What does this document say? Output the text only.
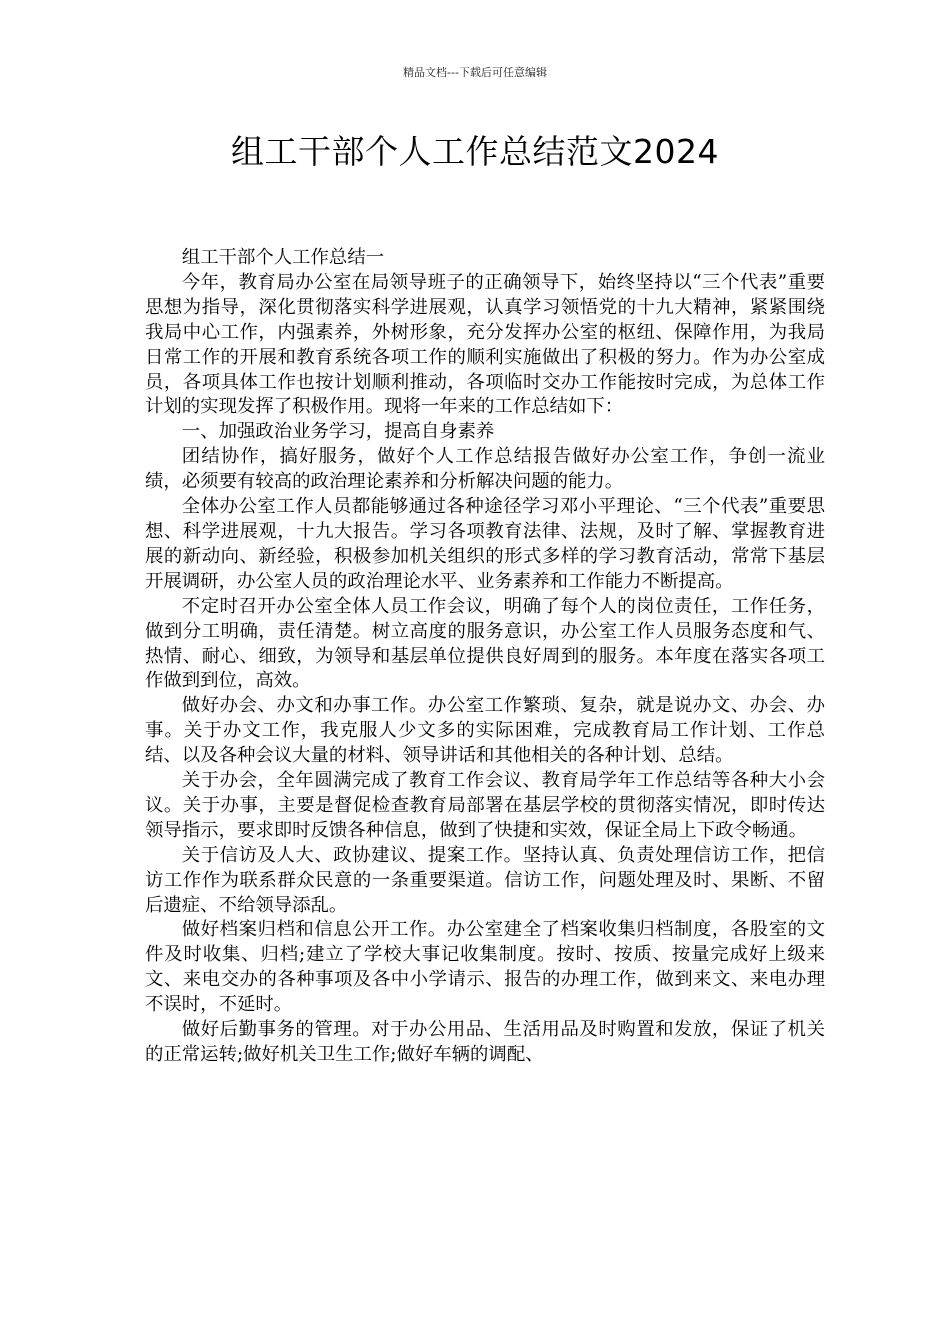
精品文档---下载后可任意编辑
组工干部个人工作总结范文2024

组工干部个人工作总结一

今年，教育局办公室在局领导班子的正确领导下，始终坚持以“三个代表”重要思想为指导，深化贯彻落实科学进展观，认真学习领悟党的十九大精神，紧紧围绕我局中心工作，内强素养，外树形象，充分发挥办公室的枢纽、保障作用，为我局日常工作的开展和教育系统各项工作的顺利实施做出了积极的努力。作为办公室成员，各项具体工作也按计划顺利推动，各项临时交办工作能按时完成，为总体工作计划的实现发挥了积极作用。现将一年来的工作总结如下：

一、加强政治业务学习，提高自身素养

团结协作，搞好服务，做好个人工作总结报告做好办公室工作，争创一流业绩，必须要有较高的政治理论素养和分析解决问题的能力。

全体办公室工作人员都能够通过各种途径学习邓小平理论、“三个代表”重要思想、科学进展观，十九大报告。学习各项教育法律、法规，及时了解、掌握教育进展的新动向、新经验，积极参加机关组织的形式多样的学习教育活动，常常下基层开展调研，办公室人员的政治理论水平、业务素养和工作能力不断提高。

不定时召开办公室全体人员工作会议，明确了每个人的岗位责任，工作任务，做到分工明确，责任清楚。树立高度的服务意识，办公室工作人员服务态度和气、热情、耐心、细致，为领导和基层单位提供良好周到的服务。本年度在落实各项工作做到到位，高效。

做好办会、办文和办事工作。办公室工作繁琐、复杂，就是说办文、办会、办事。关于办文工作，我克服人少文多的实际困难，完成教育局工作计划、工作总结、以及各种会议大量的材料、领导讲话和其他相关的各种计划、总结。

关于办会，全年圆满完成了教育工作会议、教育局学年工作总结等各种大小会议。关于办事，主要是督促检查教育局部署在基层学校的贯彻落实情况，即时传达领导指示，要求即时反馈各种信息，做到了快捷和实效，保证全局上下政令畅通。

关于信访及人大、政协建议、提案工作。坚持认真、负责处理信访工作，把信访工作作为联系群众民意的一条重要渠道。信访工作，问题处理及时、果断、不留后遗症、不给领导添乱。

做好档案归档和信息公开工作。办公室建全了档案收集归档制度，各股室的文件及时收集、归档;建立了学校大事记收集制度。按时、按质、按量完成好上级来文、来电交办的各种事项及各中小学请示、报告的办理工作，做到来文、来电办理不误时，不延时。

做好后勤事务的管理。对于办公用品、生活用品及时购置和发放，保证了机关的正常运转;做好机关卫生工作;做好车辆的调配、
